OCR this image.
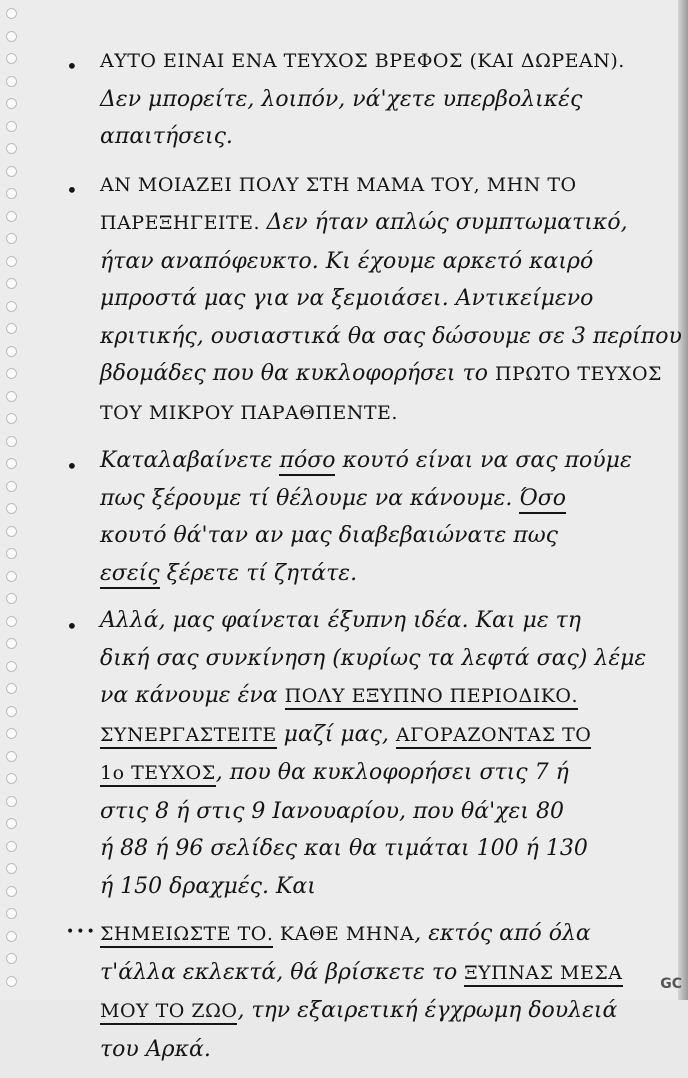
•	ΑΥΤΟ ΕΙΝΑΙ ΕΝΑ ΤΕΥΧΟΣ ΒΡΕΦΟΣ (ΚΑΙ ΔΩΡΕΑΝ).
Δεν μπορείτε, λοιπόν, νά'χετε υπερβολικές
απαιτήσεις.
•	ΑΝ ΜΟΙΑΖΕΙ ΠΟΛΥ ΣΤΗ ΜΑΜΑ ΤΟΥ, ΜΗΝ ΤΟ
ΠΑΡΕΞΗΓΕΙΤΕ. Δεν ήταν απλώς συμπτωματικό,
ήταν αναπόφευκτο. Κι έχουμε αρκετό καιρό
μπροστά μας για να ξεμοιάσει. Αντικείμενο
κριτικής, ουσιαστικά θα σας δώσουμε σε 3 περίπου
βδομάδες που θα κυκλοφορήσει το ΠΡΩΤΟ ΤΕΥΧΟΣ
ΤΟΥ ΜΙΚΡΟΥ ΠΑΡΑΘΠΕΝΤΕ.
•	Καταλαβαίνετε πόσο κουτό είναι να σας πούμε
πως ξέρουμε τί θέλουμε να κάνουμε. Όσο
κουτό θά'ταν αν μας διαβεβαιώνατε πως
εσείς ξέρετε τί ζητάτε.
•	Αλλά, μας φαίνεται έξυπνη ιδέα. Και με τη
δική σας συνκίνηση (κυρίως τα λεφτά σας) λέμε
να κάνουμε ένα ΠΟΛΥ ΕΞΥΠΝΟ ΠΕΡΙΟΔΙΚΟ.
ΣΥΝΕΡΓΑΣΤΕΙΤΕ μαζί μας, ΑΓΟΡΑΖΟΝΤΑΣ ΤΟ
1ο ΤΕΥΧΟΣ, που θα κυκλοφορήσει στις 7 ή
στις 8 ή στις 9 Ιανουαρίου, που θά'χει 80
ή 88 ή 96 σελίδες και θα τιμάται 100 ή 130
ή 150 δραχμές. Και
••• ΣΗΜΕΙΩΣΤΕ ΤΟ. ΚΑΘΕ ΜΗΝΑ, εκτός από όλα
τ'άλλα εκλεκτά, θά βρίσκετε το ΞΥΠΝΑΣ ΜΕΣΑ
ΜΟΥ ΤΟ ΖΩΟ, την εξαιρετική έγχρωμη δουλειά
του Αρκά.
GC
